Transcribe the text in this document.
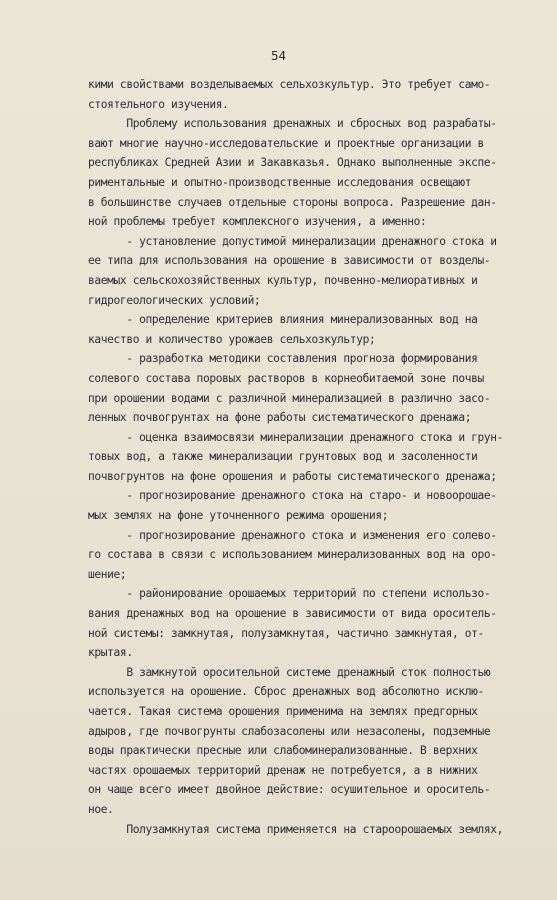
54
кими свойствами возделываемых сельхозкультур. Это требует само-
стоятельного изучения.
Проблему использования дренажных и сбросных вод разрабаты-
вают многие научно-исследовательские и проектные организации в
республиках Средней Азии и Закавказья. Однако выполненные экспе-
риментальные и опытно-производственные исследования освещают
в большинстве случаев отдельные стороны вопроса. Разрешение дан-
ной проблемы требует комплексного изучения, а именно:
- установление допустимой минерализации дренажного стока и
ее типа для использования на орошение в зависимости от возделы-
ваемых сельскохозяйственных культур, почвенно-мелиоративных и
гидрогеологических условий;
- определение критериев влияния минерализованных вод на
качество и количество урожаев сельхозкультур;
- разработка методики составления прогноза формирования
солевого состава поровых растворов в корнеобитаемой зоне почвы
при орошении водами с различной минерализацией в различно засо-
ленных почвогрунтах на фоне работы систематического дренажа;
- оценка взаимосвязи минерализации дренажного стока и грун-
товых вод, а также минерализации грунтовых вод и засоленности
почвогрунтов на фоне орошения и работы систематического дренажа;
- прогнозирование дренажного стока на старо- и новоорошае-
мых землях на фоне уточненного режима орошения;
- прогнозирование дренажного стока и изменения его солево-
го состава в связи с использованием минерализованных вод на оро-
шение;
- районирование орошаемых территорий по степени использо-
вания дренажных вод на орошение в зависимости от вида ороситель-
ной системы: замкнутая, полузамкнутая, частично замкнутая, от-
крытая.
В замкнутой оросительной системе дренажный сток полностью
используется на орошение. Сброс дренажных вод абсолютно исклю-
чается. Такая система орошения применима на землях предгорных
адыров, где почвогрунты слабозасолены или незасолены, подземные
воды практически пресные или слабоминерализованные. В верхних
частях орошаемых территорий дренаж не потребуется, а в нижних
он чаще всего имеет двойное действие: осушительное и ороситель-
ное.
Полузамкнутая система применяется на староорошаемых землях,
